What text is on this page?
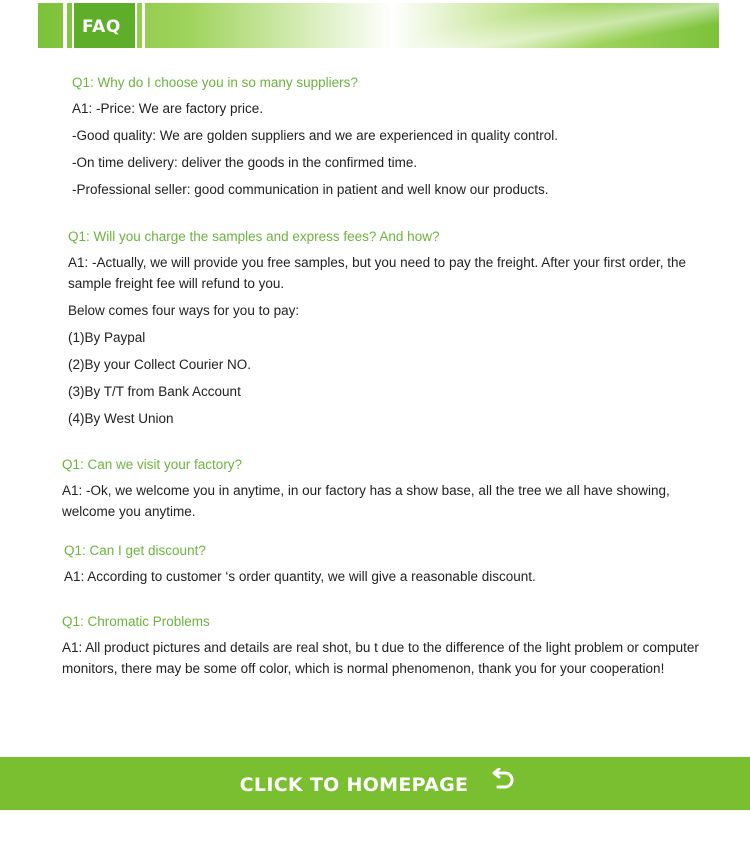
FAQ

Q1: Why do I choose you in so many suppliers?

A1: -Price: We are factory price.

-Good quality: We are golden suppliers and we are experienced in quality control.

-On time delivery: deliver the goods in the confirmed time.

-Professional seller: good communication in patient and well know our products.

Q1: Will you charge the samples and express fees? And how?

A1: -Actually, we will provide you free samples, but you need to pay the freight. After your first order, the sample freight fee will refund to you.

Below comes four ways for you to pay:

(1)By Paypal

(2)By your Collect Courier NO.

(3)By T/T from Bank Account

(4)By West Union

Q1: Can we visit your factory?

A1: -Ok, we welcome you in anytime, in our factory has a show base, all the tree we all have showing, welcome you anytime.

Q1: Can I get discount?

A1: According to customer ‘s order quantity, we will give a reasonable discount.

Q1: Chromatic Problems

A1: All product pictures and details are real shot, bu t due to the difference of the light problem or computer monitors, there may be some off color, which is normal phenomenon, thank you for your cooperation!

CLICK TO HOMEPAGE
